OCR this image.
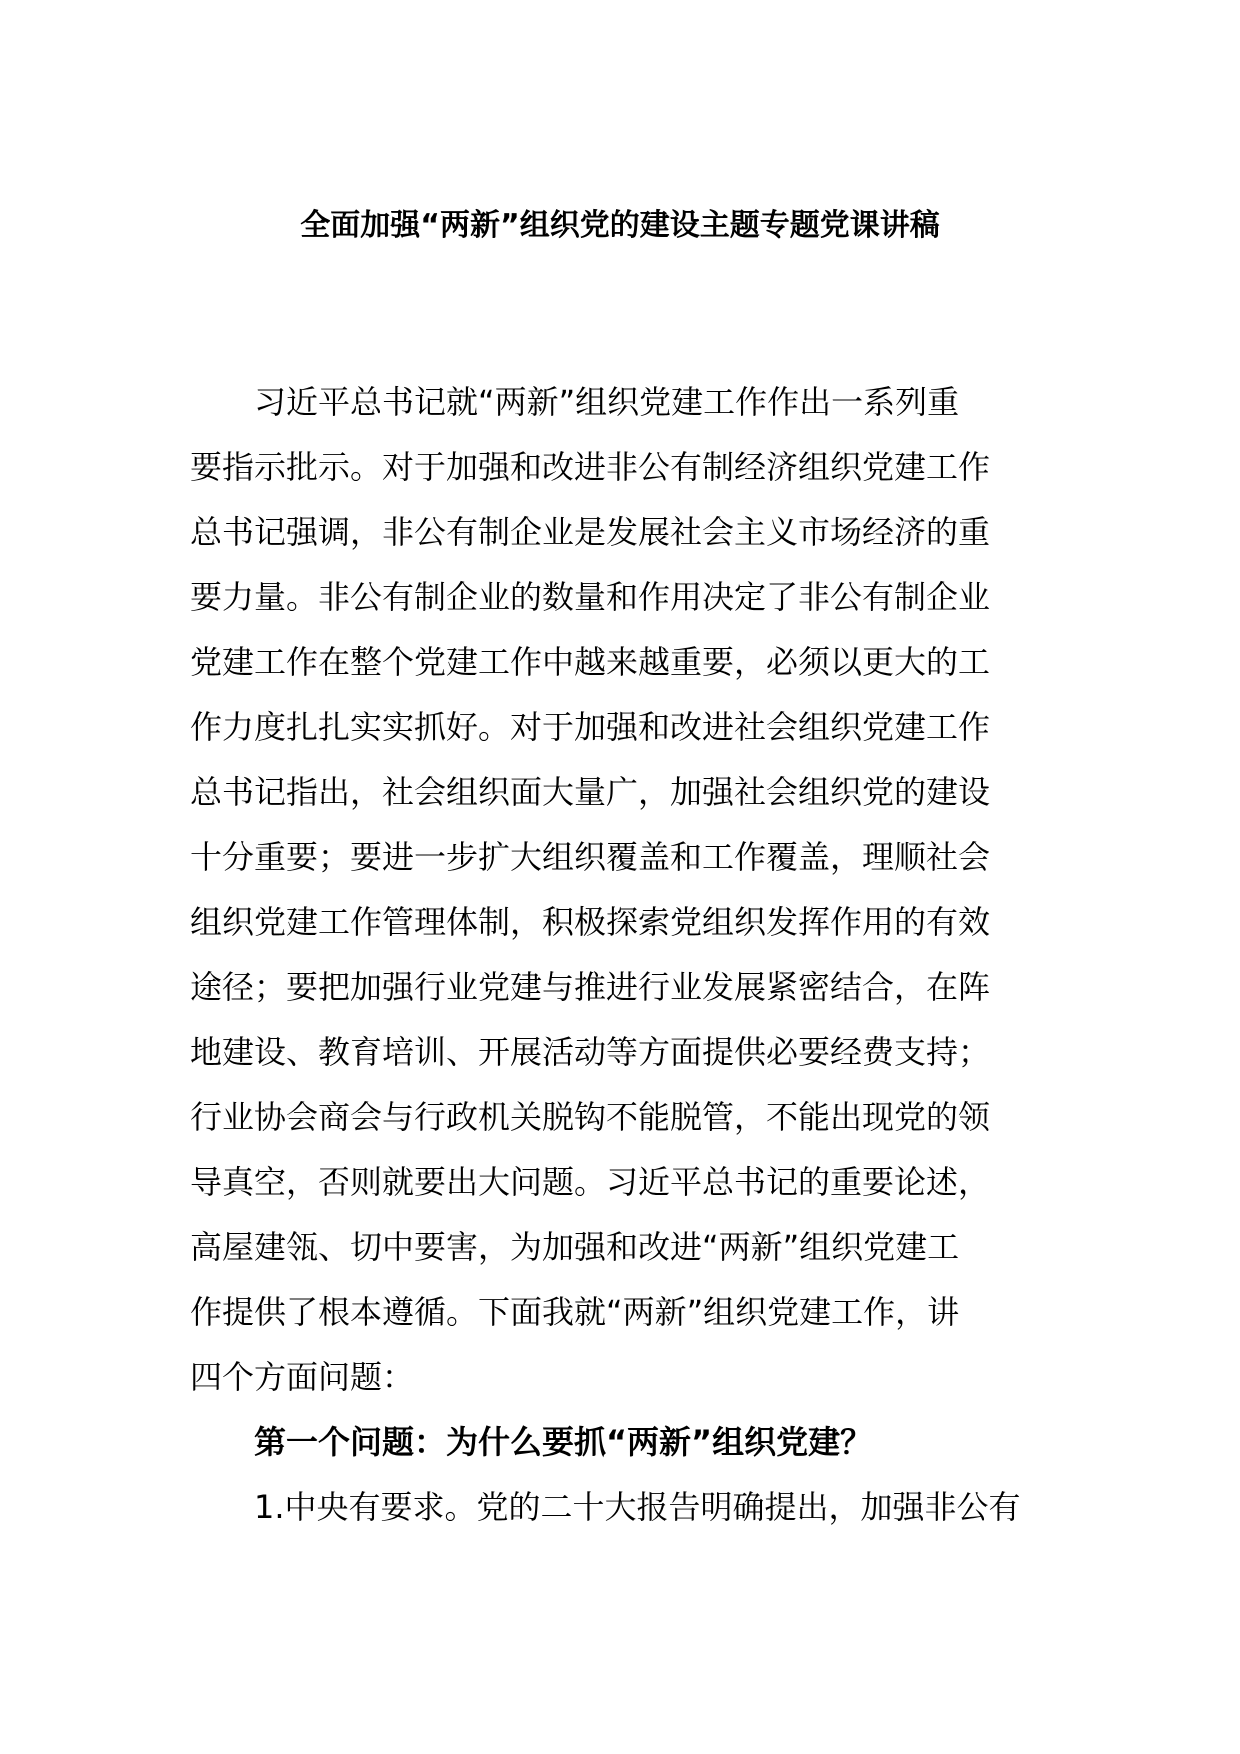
全面加强“两新”组织党的建设主题专题党课讲稿
习近平总书记就“两新”组织党建工作作出一系列重
要指示批示。对于加强和改进非公有制经济组织党建工作
总书记强调，非公有制企业是发展社会主义市场经济的重
要力量。非公有制企业的数量和作用决定了非公有制企业
党建工作在整个党建工作中越来越重要，必须以更大的工
作力度扎扎实实抓好。对于加强和改进社会组织党建工作
总书记指出，社会组织面大量广，加强社会组织党的建设
十分重要；要进一步扩大组织覆盖和工作覆盖，理顺社会
组织党建工作管理体制，积极探索党组织发挥作用的有效
途径；要把加强行业党建与推进行业发展紧密结合，在阵
地建设、教育培训、开展活动等方面提供必要经费支持；
行业协会商会与行政机关脱钩不能脱管，不能出现党的领
导真空，否则就要出大问题。习近平总书记的重要论述，
高屋建瓴、切中要害，为加强和改进“两新”组织党建工
作提供了根本遵循。下面我就“两新”组织党建工作，讲
四个方面问题：
第一个问题：为什么要抓“两新”组织党建？
1.中央有要求。党的二十大报告明确提出，加强非公有
